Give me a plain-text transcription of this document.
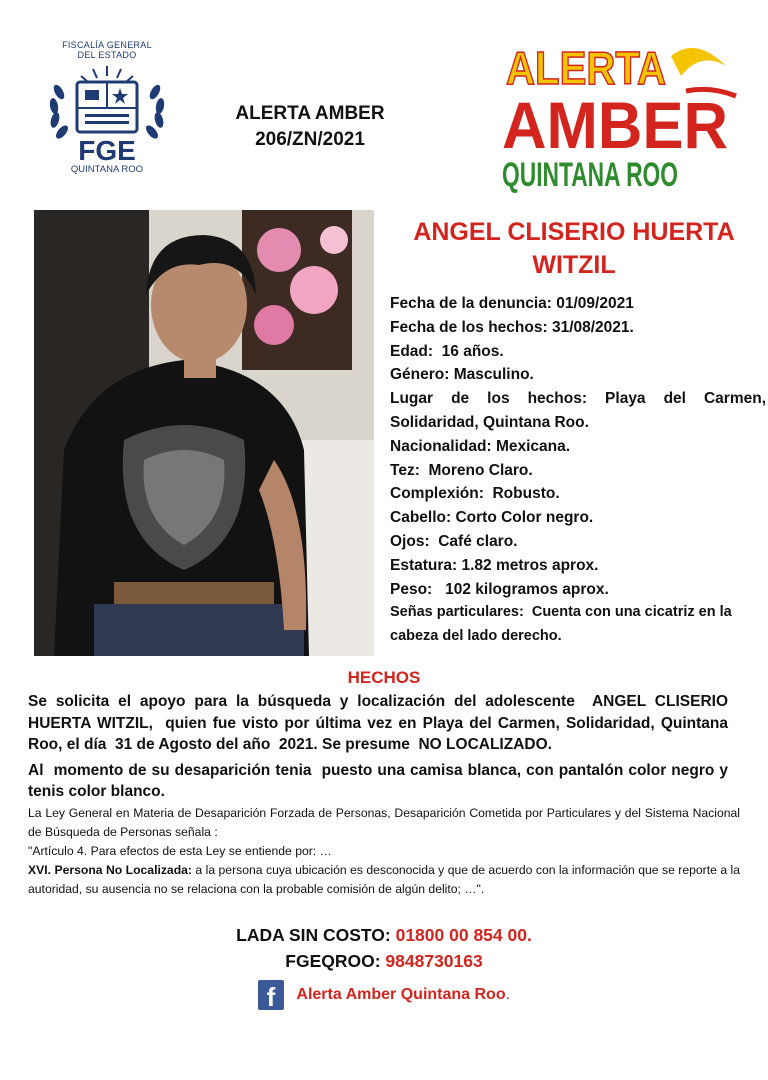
FISCALÍA GENERAL
DEL ESTADO
FGE
QUINTANA ROO
ALERTA AMBER
206/ZN/2021
ALERTA
AMBER
QUINTANA ROO
ANGEL CLISERIO HUERTA
WITZIL
Fecha de la denuncia: 01/09/2021
Fecha de los hechos: 31/08/2021.
Edad:  16 años.
Género: Masculino.
Lugar de los hechos: Playa del Carmen, Solidaridad, Quintana Roo.
Nacionalidad: Mexicana.
Tez:  Moreno Claro.
Complexión:  Robusto.
Cabello: Corto Color negro.
Ojos:  Café claro.
Estatura: 1.82 metros aprox.
Peso:   102 kilogramos aprox.
Señas particulares:  Cuenta con una cicatriz en la cabeza del lado derecho.
HECHOS
Se solicita el apoyo para la búsqueda y localización del adolescente  ANGEL CLISERIO HUERTA WITZIL,  quien fue visto por última vez en Playa del Carmen, Solidaridad, Quintana Roo, el día  31 de Agosto del año  2021. Se presume  NO LOCALIZADO.
Al  momento de su desaparición tenia  puesto una camisa blanca, con pantalón color negro y tenis color blanco.
La Ley General en Materia de Desaparición Forzada de Personas, Desaparición Cometida por Particulares y del Sistema Nacional de Búsqueda de Personas señala :
"Artículo 4. Para efectos de esta Ley se entiende por: …
XVI. Persona No Localizada: a la persona cuya ubicación es desconocida y que de acuerdo con la información que se reporte a la autoridad, su ausencia no se relaciona con la probable comisión de algún delito; …".
LADA SIN COSTO: 01800 00 854 00.
FGEQROO: 9848730163
f Alerta Amber Quintana Roo.
